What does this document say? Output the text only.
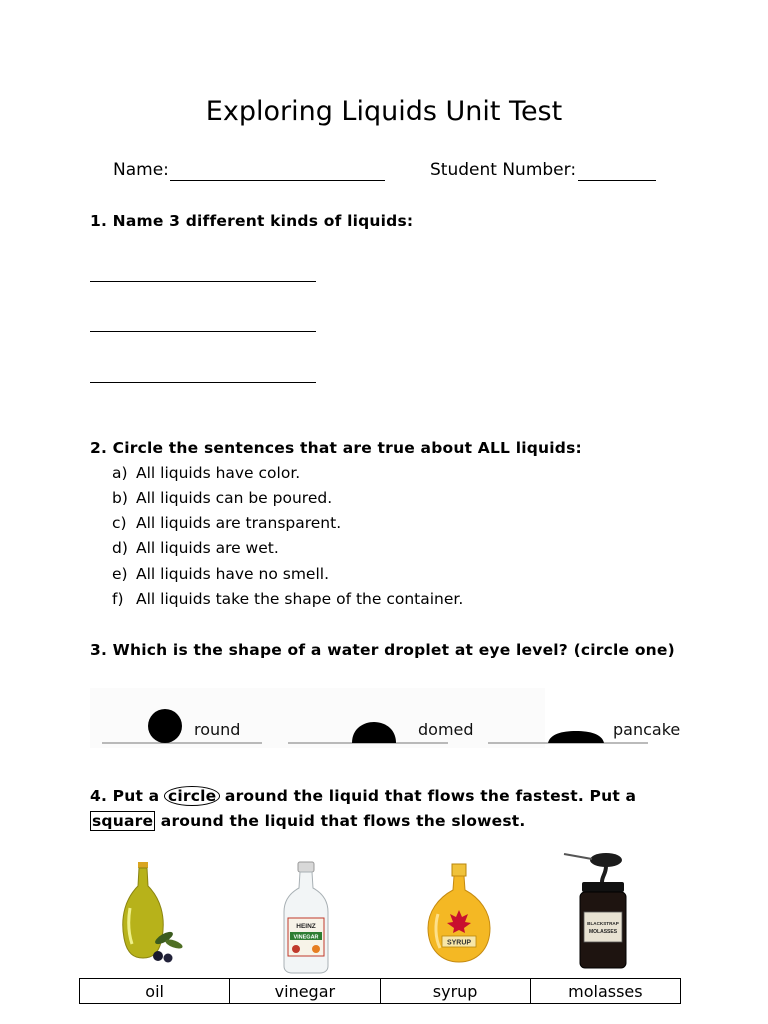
Exploring Liquids Unit Test
Name:	Student Number:
1. Name 3 different kinds of liquids:
2. Circle the sentences that are true about ALL liquids:
a) All liquids have color.
b) All liquids can be poured.
c) All liquids are transparent.
d) All liquids are wet.
e) All liquids have no smell.
f) All liquids take the shape of the container.
3. Which is the shape of a water droplet at eye level? (circle one)
round	domed	pancake
4. Put a circle around the liquid that flows the fastest. Put a
square around the liquid that flows the slowest.
HEINZ
VINEGAR
SYRUP
BLACKSTRAP
MOLASSES
oil	vinegar	syrup	molasses
